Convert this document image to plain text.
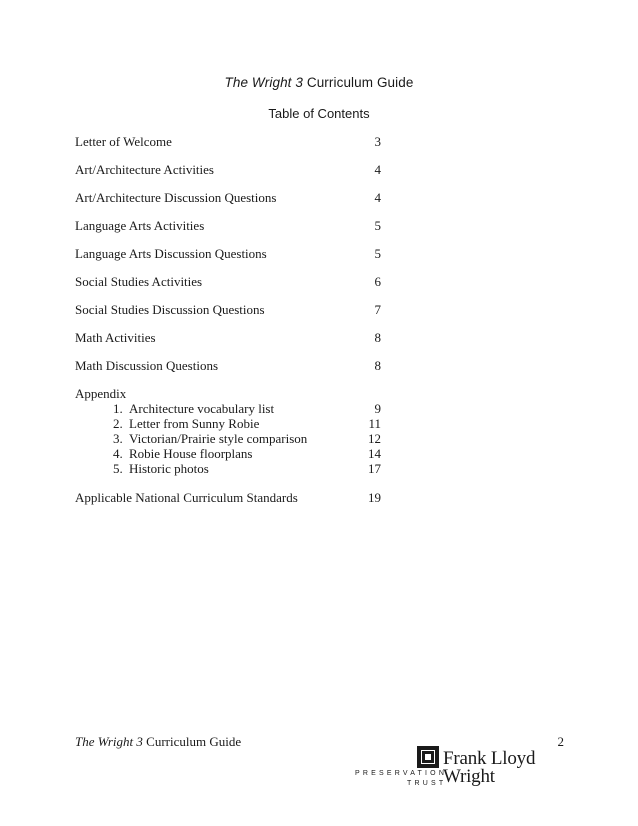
The Wright 3 Curriculum Guide
Table of Contents
Letter of Welcome	3
Art/Architecture Activities	4
Art/Architecture Discussion Questions	4
Language Arts Activities	5
Language Arts Discussion Questions	5
Social Studies Activities	6
Social Studies Discussion Questions	7
Math Activities	8
Math Discussion Questions	8
Appendix
1. Architecture vocabulary list	9
2. Letter from Sunny Robie	11
3. Victorian/Prairie style comparison	12
4. Robie House floorplans	14
5. Historic photos	17
Applicable National Curriculum Standards	19
The Wright 3 Curriculum Guide	2
Frank Lloyd
Wright
PRESERVATION
TRUST
